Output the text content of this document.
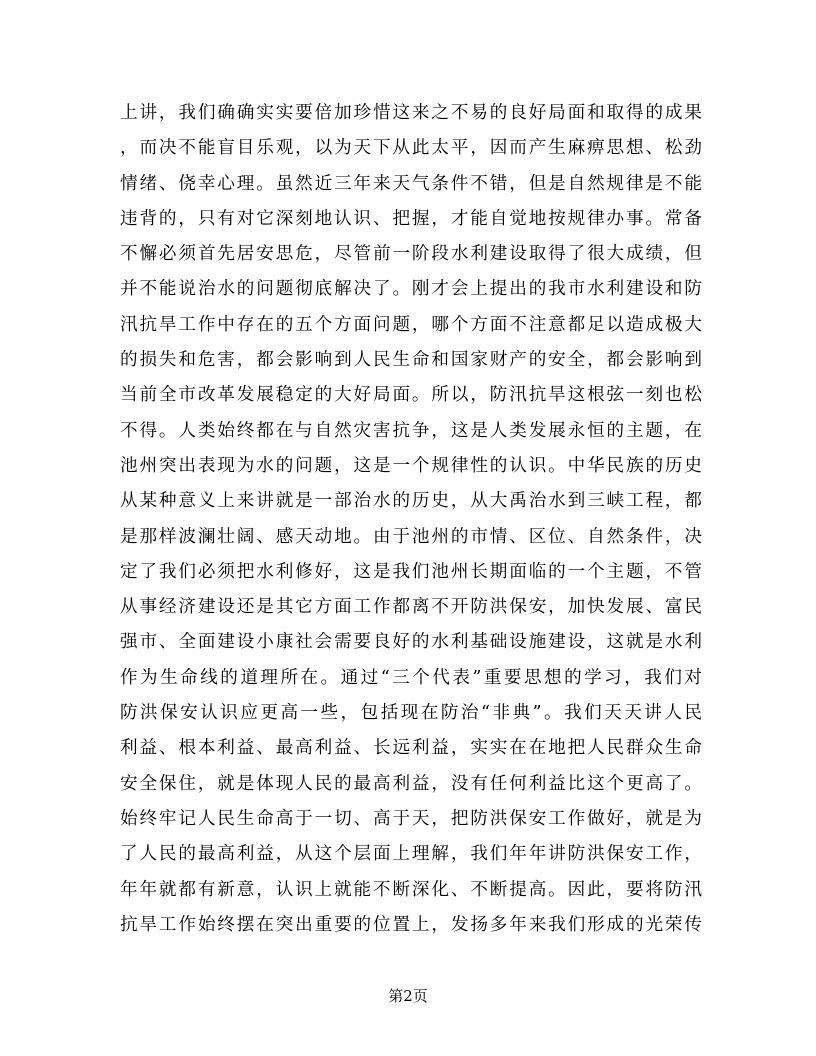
上讲，我们确确实实要倍加珍惜这来之不易的良好局面和取得的成果
，而决不能盲目乐观，以为天下从此太平，因而产生麻痹思想、松劲
情绪、侥幸心理。虽然近三年来天气条件不错，但是自然规律是不能
违背的，只有对它深刻地认识、把握，才能自觉地按规律办事。常备
不懈必须首先居安思危，尽管前一阶段水利建设取得了很大成绩，但
并不能说治水的问题彻底解决了。刚才会上提出的我市水利建设和防
汛抗旱工作中存在的五个方面问题，哪个方面不注意都足以造成极大
的损失和危害，都会影响到人民生命和国家财产的安全，都会影响到
当前全市改革发展稳定的大好局面。所以，防汛抗旱这根弦一刻也松
不得。人类始终都在与自然灾害抗争，这是人类发展永恒的主题，在
池州突出表现为水的问题，这是一个规律性的认识。中华民族的历史
从某种意义上来讲就是一部治水的历史，从大禹治水到三峡工程，都
是那样波澜壮阔、感天动地。由于池州的市情、区位、自然条件，决
定了我们必须把水利修好，这是我们池州长期面临的一个主题，不管
从事经济建设还是其它方面工作都离不开防洪保安，加快发展、富民
强市、全面建设小康社会需要良好的水利基础设施建设，这就是水利
作为生命线的道理所在。通过“三个代表”重要思想的学习，我们对
防洪保安认识应更高一些，包括现在防治“非典”。我们天天讲人民
利益、根本利益、最高利益、长远利益，实实在在地把人民群众生命
安全保住，就是体现人民的最高利益，没有任何利益比这个更高了。
始终牢记人民生命高于一切、高于天，把防洪保安工作做好，就是为
了人民的最高利益，从这个层面上理解，我们年年讲防洪保安工作，
年年就都有新意，认识上就能不断深化、不断提高。因此，要将防汛
抗旱工作始终摆在突出重要的位置上，发扬多年来我们形成的光荣传
第2页
